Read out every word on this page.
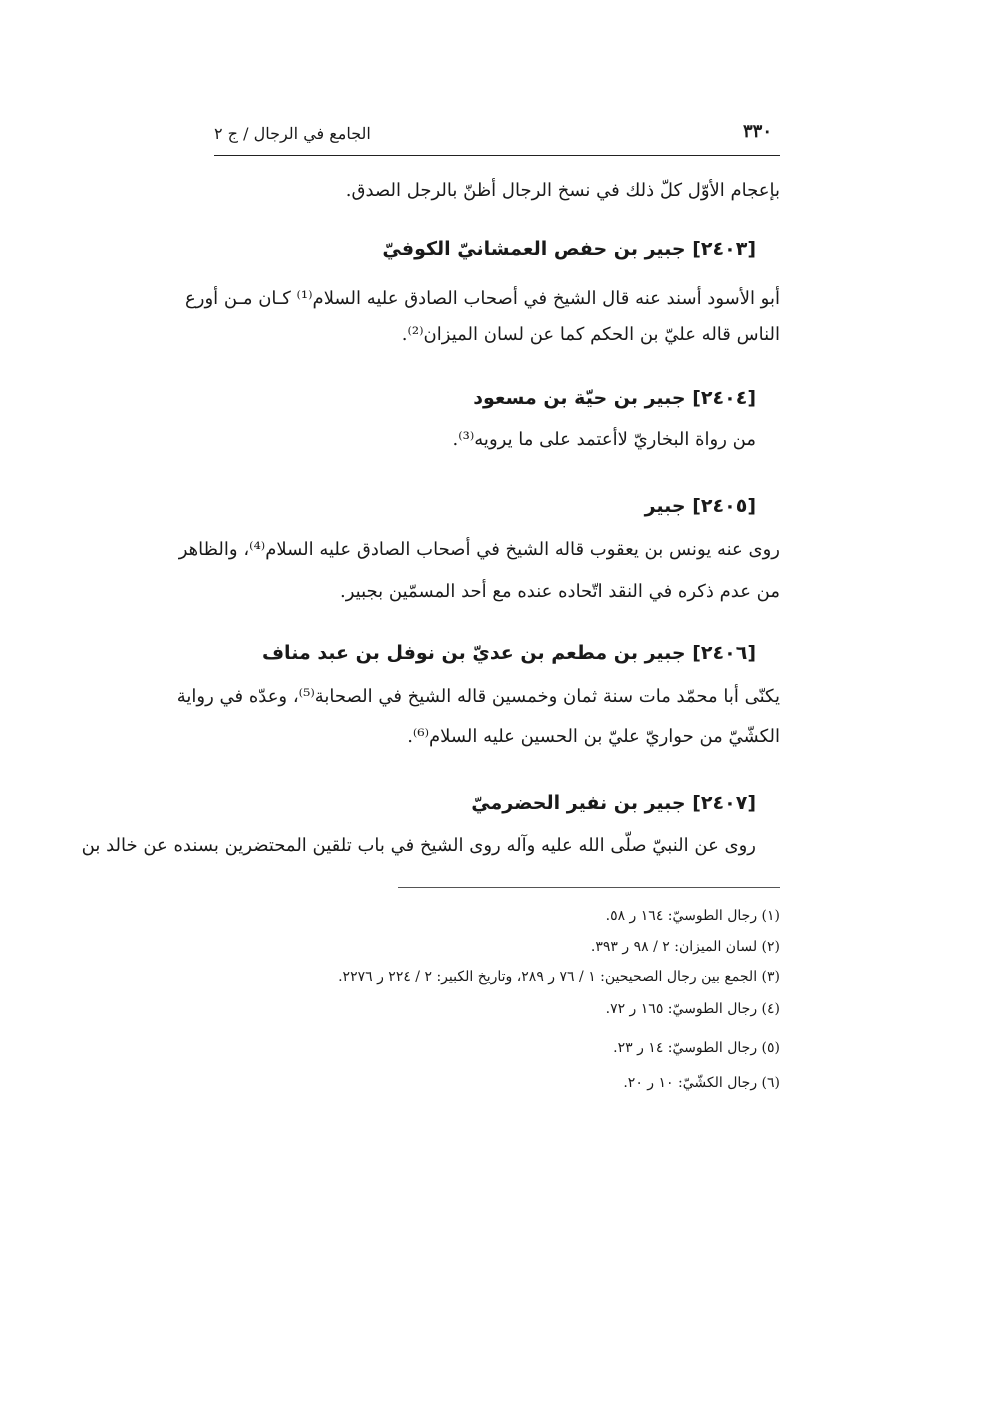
٣٣٠
الجامع في الرجال / ج ٢
بإعجام الأوّل كلّ ذلك في نسخ الرجال أظنّ بالرجل الصدق.
[٢٤٠٣] جبير بن حفص العمشانيّ الكوفيّ
أبو الأسود أسند عنه قال الشيخ في أصحاب الصادق عليه السلام⁽¹⁾ كـان مـن أورع
الناس قاله عليّ بن الحكم كما عن لسان الميزان⁽²⁾.
[٢٤٠٤] جبير بن حيّة بن مسعود
من رواة البخاريّ لاأعتمد على ما يرويه⁽³⁾.
[٢٤٠٥] جبير
روى عنه يونس بن يعقوب قاله الشيخ في أصحاب الصادق عليه السلام⁽⁴⁾، والظاهر
من عدم ذكره في النقد اتّحاده عنده مع أحد المسمّين بجبير.
[٢٤٠٦] جبير بن مطعم بن عديّ بن نوفل بن عبد مناف
يكنّى أبا محمّد مات سنة ثمان وخمسين قاله الشيخ في الصحابة⁽⁵⁾، وعدّه في رواية
الكشّيّ من حواريّ عليّ بن الحسين عليه السلام⁽⁶⁾.
[٢٤٠٧] جبير بن نفير الحضرميّ
روى عن النبيّ صلّى الله عليه وآله روى الشيخ في باب تلقين المحتضرين بسنده عن خالد بن
(١) رجال الطوسيّ: ١٦٤ ر ٥٨.
(٢) لسان الميزان: ٢ / ٩٨ ر ٣٩٣.
(٣) الجمع بين رجال الصحيحين: ١ / ٧٦ ر ٢٨٩، وتاريخ الكبير: ٢ / ٢٢٤ ر ٢٢٧٦.
(٤) رجال الطوسيّ: ١٦٥ ر ٧٢.
(٥) رجال الطوسيّ: ١٤ ر ٢٣.
(٦) رجال الكشّيّ: ١٠ ر ٢٠.
